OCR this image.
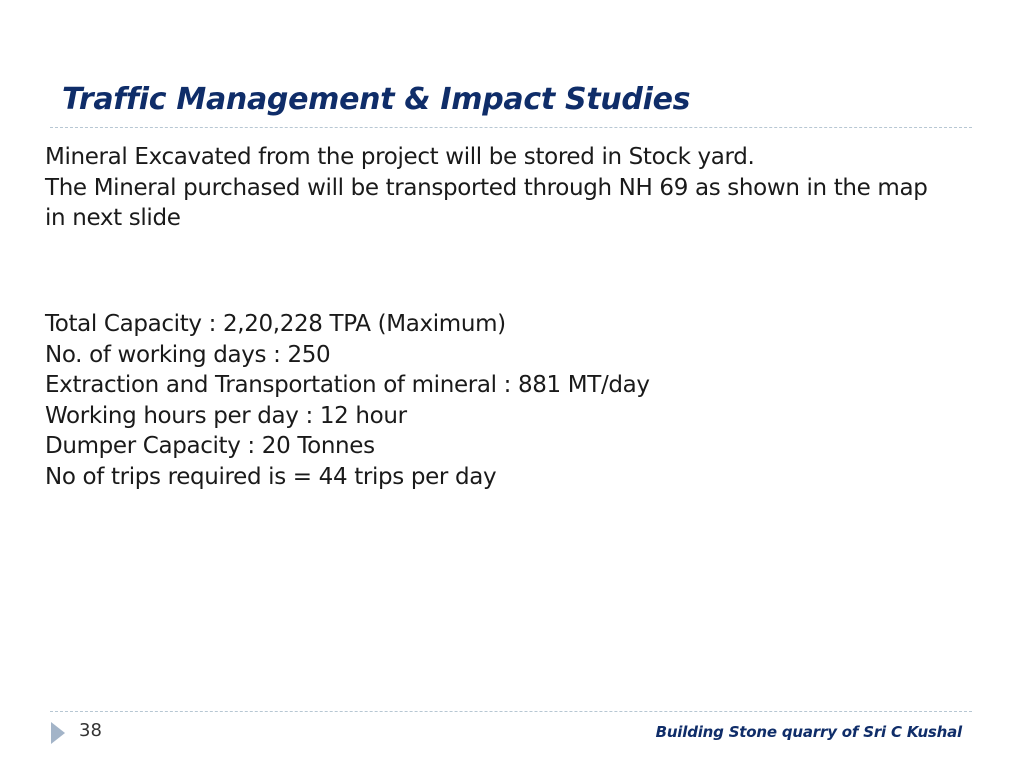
Traffic Management & Impact Studies
Mineral Excavated from the project will be stored in Stock yard.
The Mineral purchased will be transported through NH 69 as shown in the map in next slide
Total Capacity : 2,20,228 TPA (Maximum)
No. of working days : 250
Extraction and Transportation of mineral : 881 MT/day
Working hours per day : 12 hour
Dumper Capacity : 20 Tonnes
No of trips required is = 44 trips per day
38	Building Stone quarry of Sri C Kushal
